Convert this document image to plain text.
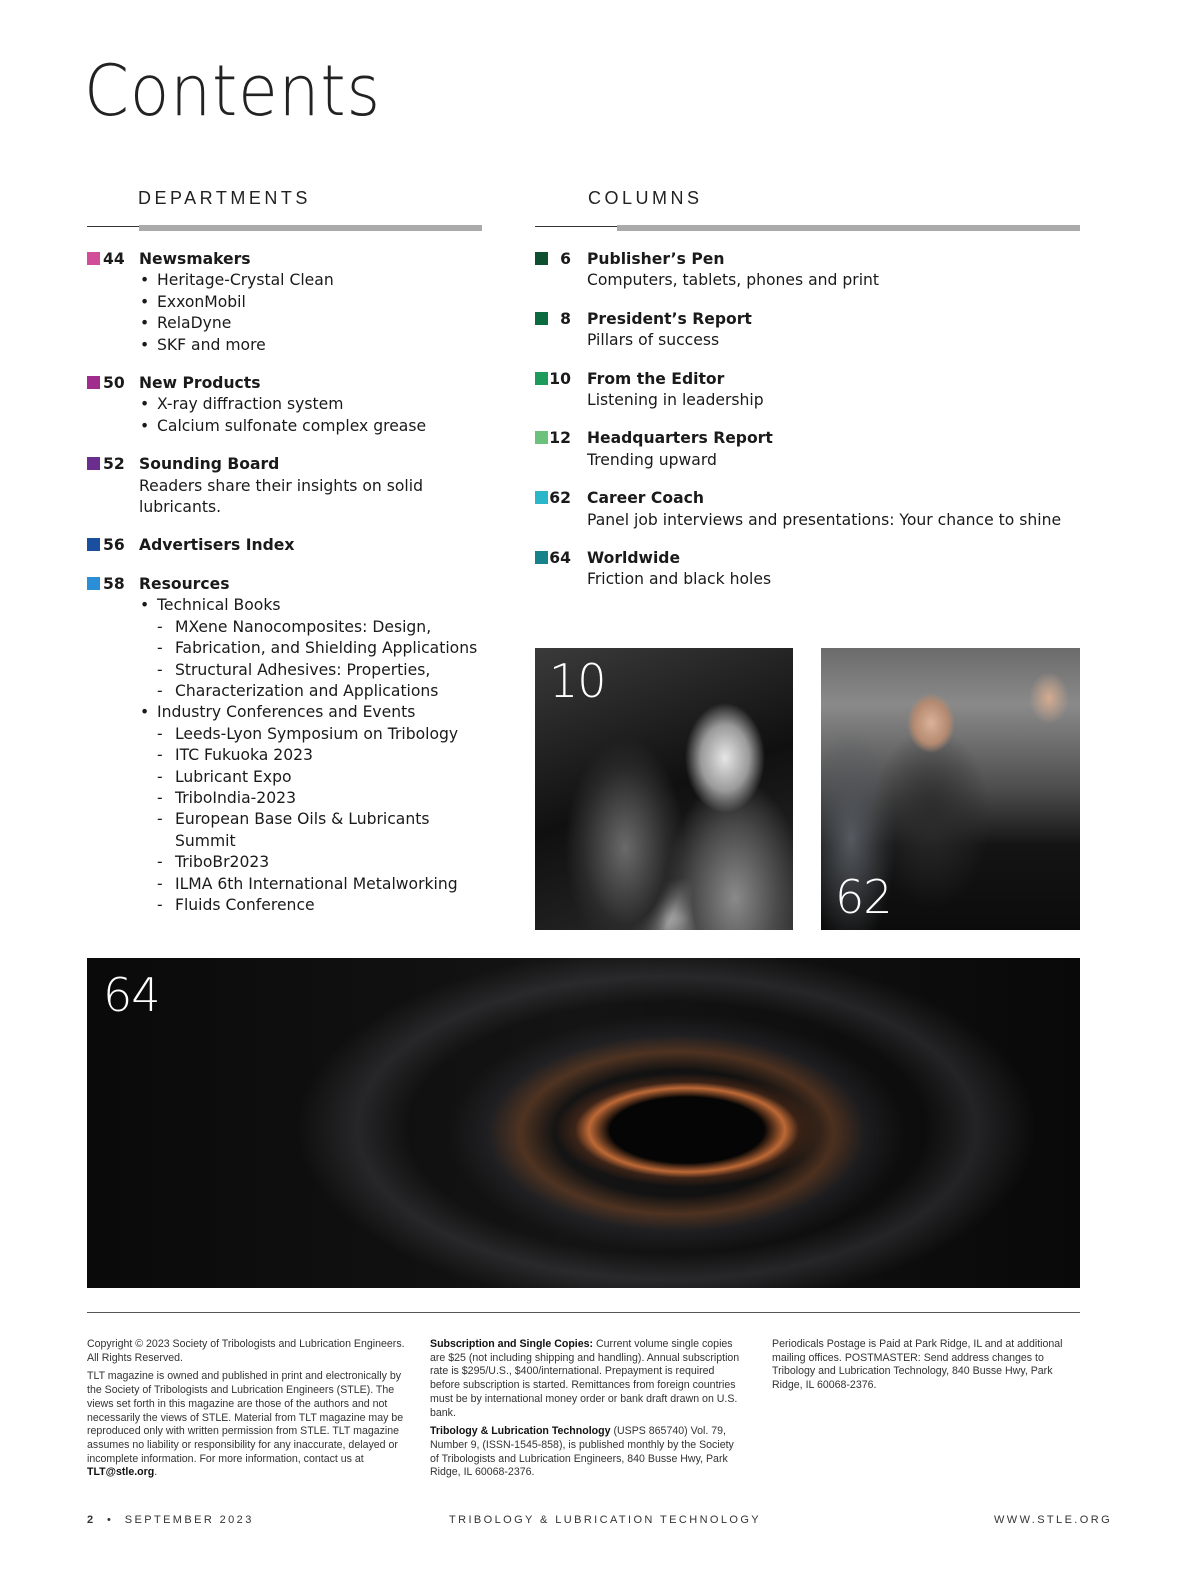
Contents
DEPARTMENTS	COLUMNS
44 Newsmakers
• Heritage-Crystal Clean
• ExxonMobil
• RelaDyne
• SKF and more
50 New Products
• X-ray diffraction system
• Calcium sulfonate complex grease
52 Sounding Board
Readers share their insights on solid
lubricants.
56 Advertisers Index
58 Resources
• Technical Books
- MXene Nanocomposites: Design,
- Fabrication, and Shielding Applications
- Structural Adhesives: Properties,
- Characterization and Applications
• Industry Conferences and Events
- Leeds-Lyon Symposium on Tribology
- ITC Fukuoka 2023
- Lubricant Expo
- TriboIndia-2023
- European Base Oils & Lubricants Summit
- TriboBr2023
- ILMA 6th International Metalworking
- Fluids Conference
6 Publisher’s Pen
Computers, tablets, phones and print
8 President’s Report
Pillars of success
10 From the Editor
Listening in leadership
12 Headquarters Report
Trending upward
62 Career Coach
Panel job interviews and presentations: Your chance to shine
64 Worldwide
Friction and black holes
10
62
64

Copyright © 2023 Society of Tribologists and Lubrication Engineers. All Rights Reserved.

TLT magazine is owned and published in print and electronically by the Society of Tribologists and Lubrication Engineers (STLE). The views set forth in this magazine are those of the authors and not necessarily the views of STLE. Material from TLT magazine may be reproduced only with written permission from STLE. TLT magazine assumes no liability or responsibility for any inaccurate, delayed or incomplete information. For more information, contact us at TLT@stle.org.

Subscription and Single Copies: Current volume single copies are $25 (not including shipping and handling). Annual subscription rate is $295/U.S., $400/international. Prepayment is required before subscription is started. Remittances from foreign countries must be by international money order or bank draft drawn on U.S. bank.

Tribology & Lubrication Technology (USPS 865740) Vol. 79, Number 9, (ISSN-1545-858), is published monthly by the Society of Tribologists and Lubrication Engineers, 840 Busse Hwy, Park Ridge, IL 60068-2376.

Periodicals Postage is Paid at Park Ridge, IL and at additional mailing offices. POSTMASTER: Send address changes to Tribology and Lubrication Technology, 840 Busse Hwy, Park Ridge, IL 60068-2376.

2 • SEPTEMBER 2023	TRIBOLOGY & LUBRICATION TECHNOLOGY	WWW.STLE.ORG
